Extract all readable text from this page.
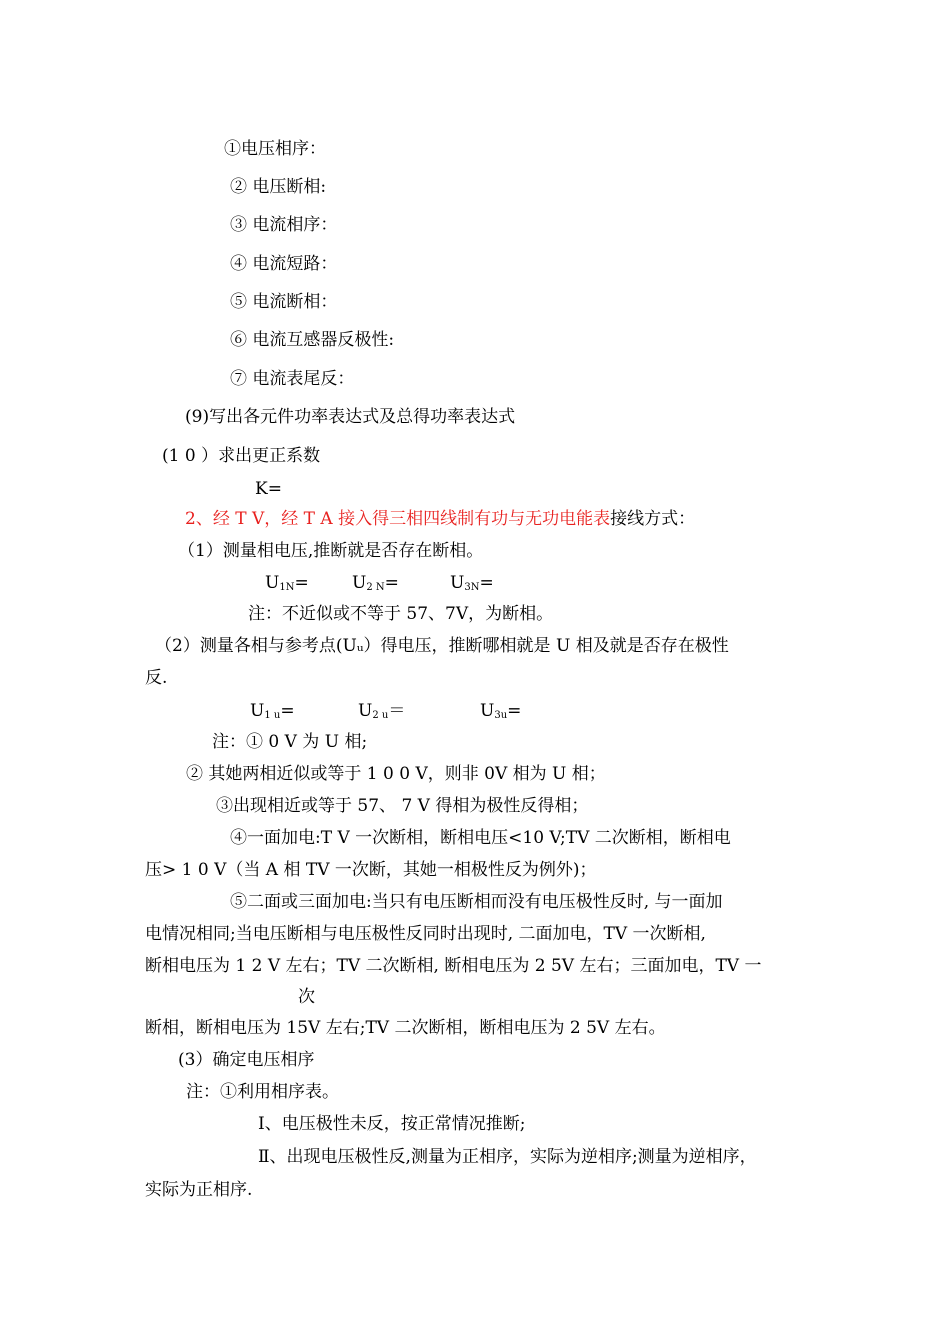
①电压相序：
② 电压断相:
③ 电流相序：
④ 电流短路：
⑤ 电流断相：
⑥ 电流互感器反极性:
⑦ 电流表尾反：
(9)写出各元件功率表达式及总得功率表达式
(1 0 ）求出更正系数
K=
2、经 T V，经 T A 接入得三相四线制有功与无功电能表接线方式：
（1）测量相电压,推断就是否存在断相。
$U_{1N}=$	$U_{2 N}=$	$U_{3N}=$
注：不近似或不等于 57、7V，为断相。
（2）测量各相与参考点(Uᵤ）得电压，推断哪相就是 U 相及就是否存在极性
反.
$U_{1 u}=$	$U_{2 u}=$	$U_{3u}=$
注：① 0 V 为 U 相;
② 其她两相近似或等于 1 0 0 V，则非 0V 相为 U 相；
③出现相近或等于 57、 7 V 得相为极性反得相；
④一面加电:T V 一次断相，断相电压<10 V;TV 二次断相，断相电
压> 1 0 V（当 A 相 TV 一次断，其她一相极性反为例外)；
⑤二面或三面加电:当只有电压断相而没有电压极性反时, 与一面加
电情况相同;当电压断相与电压极性反同时出现时, 二面加电，TV 一次断相,
断相电压为 1 2 V 左右；TV 二次断相, 断相电压为 2 5V 左右；三面加电，TV 一
次
断相，断相电压为 15V 左右;TV 二次断相，断相电压为 2 5V 左右。
(3）确定电压相序
注：①利用相序表。
Ⅰ、电压极性未反，按正常情况推断;
Ⅱ、出现电压极性反,测量为正相序，实际为逆相序;测量为逆相序，
实际为正相序.
